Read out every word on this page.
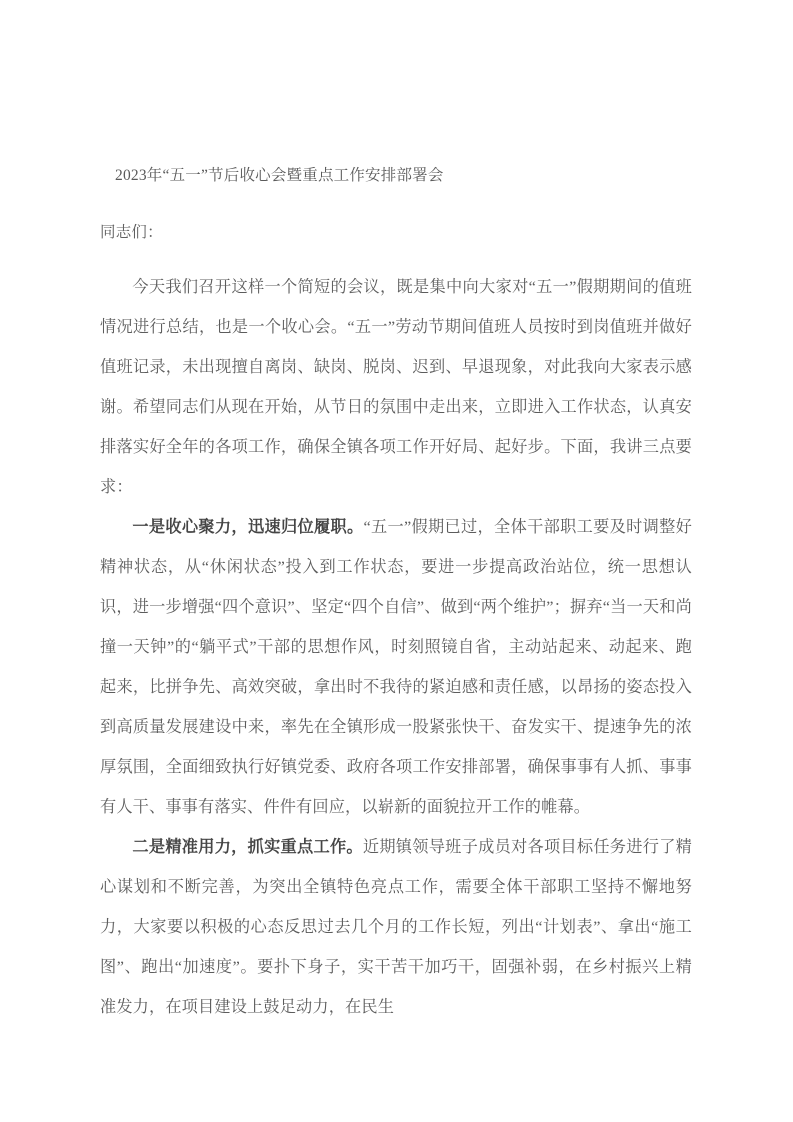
2023年“五一”节后收心会暨重点工作安排部署会
同志们：

今天我们召开这样一个简短的会议，既是集中向大家对“五一”假期期间的值班情况进行总结，也是一个收心会。“五一”劳动节期间值班人员按时到岗值班并做好值班记录，未出现擅自离岗、缺岗、脱岗、迟到、早退现象，对此我向大家表示感谢。希望同志们从现在开始，从节日的氛围中走出来，立即进入工作状态，认真安排落实好全年的各项工作，确保全镇各项工作开好局、起好步。下面，我讲三点要求：

一是收心聚力，迅速归位履职。“五一”假期已过，全体干部职工要及时调整好精神状态，从“休闲状态”投入到工作状态，要进一步提高政治站位，统一思想认识，进一步增强“四个意识”、坚定“四个自信”、做到“两个维护”；摒弃“当一天和尚撞一天钟”的“躺平式”干部的思想作风，时刻照镜自省，主动站起来、动起来、跑起来，比拼争先、高效突破，拿出时不我待的紧迫感和责任感，以昂扬的姿态投入到高质量发展建设中来，率先在全镇形成一股紧张快干、奋发实干、提速争先的浓厚氛围，全面细致执行好镇党委、政府各项工作安排部署，确保事事有人抓、事事有人干、事事有落实、件件有回应，以崭新的面貌拉开工作的帷幕。

二是精准用力，抓实重点工作。近期镇领导班子成员对各项目标任务进行了精心谋划和不断完善，为突出全镇特色亮点工作，需要全体干部职工坚持不懈地努力，大家要以积极的心态反思过去几个月的工作长短，列出“计划表”、拿出“施工图”、跑出“加速度”。要扑下身子，实干苦干加巧干，固强补弱，在乡村振兴上精准发力，在项目建设上鼓足动力，在民生
